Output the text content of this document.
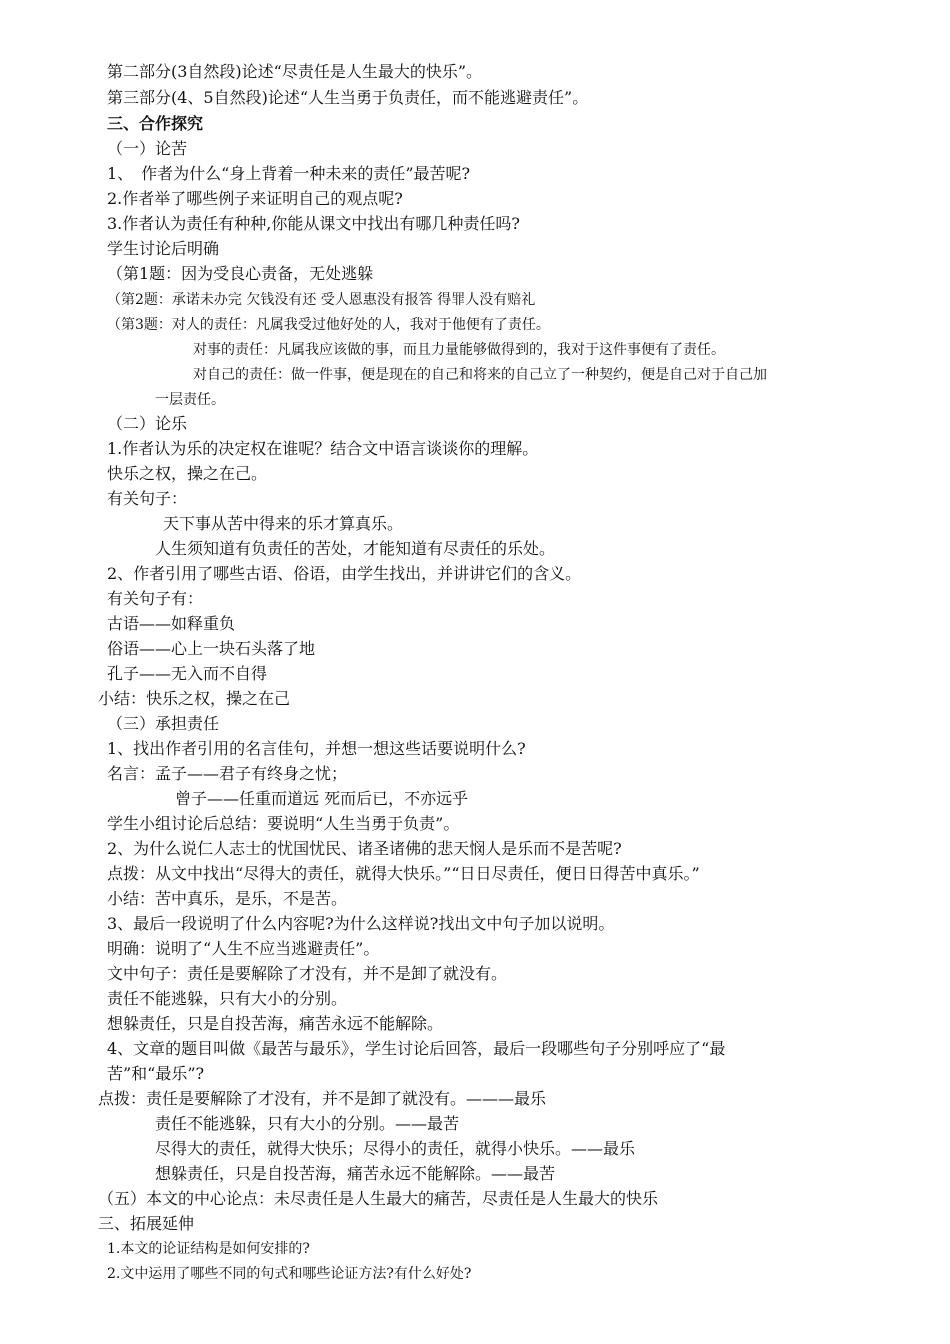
第二部分(3自然段)论述“尽责任是人生最大的快乐”。
第三部分(4、5自然段)论述“人生当勇于负责任，而不能逃避责任”。
三、合作探究
（一）论苦
1、　作者为什么“身上背着一种未来的责任”最苦呢?
2.作者举了哪些例子来证明自己的观点呢?
3.作者认为责任有种种,你能从课文中找出有哪几种责任吗?
学生讨论后明确
（第1题：因为受良心责备，无处逃躲
（第2题：承诺未办完 欠钱没有还 受人恩惠没有报答 得罪人没有赔礼
（第3题：对人的责任：凡属我受过他好处的人，我对于他便有了责任。
对事的责任：凡属我应该做的事，而且力量能够做得到的，我对于这件事便有了责任。
对自己的责任：做一件事，便是现在的自己和将来的自己立了一种契约，便是自己对于自己加
一层责任。
（二）论乐
1.作者认为乐的决定权在谁呢？结合文中语言谈谈你的理解。
快乐之权，操之在己。
有关句子：
天下事从苦中得来的乐才算真乐。
人生须知道有负责任的苦处，才能知道有尽责任的乐处。
2、作者引用了哪些古语、俗语，由学生找出，并讲讲它们的含义。
有关句子有：
古语——如释重负
俗语——心上一块石头落了地
孔子——无入而不自得
小结：快乐之权，操之在己
（三）承担责任
1、找出作者引用的名言佳句，并想一想这些话要说明什么?
名言：孟子——君子有终身之忧；
曾子——任重而道远 死而后已，不亦远乎
学生小组讨论后总结：要说明“人生当勇于负责”。
2、为什么说仁人志士的忧国忧民、诸圣诸佛的悲天悯人是乐而不是苦呢?
点拨：从文中找出“尽得大的责任，就得大快乐。”“日日尽责任，便日日得苦中真乐。”
小结：苦中真乐，是乐，不是苦。
3、最后一段说明了什么内容呢?为什么这样说?找出文中句子加以说明。
明确：说明了“人生不应当逃避责任”。
文中句子：责任是要解除了才没有，并不是卸了就没有。
责任不能逃躲，只有大小的分别。
想躲责任，只是自投苦海，痛苦永远不能解除。
4、文章的题目叫做《最苦与最乐》，学生讨论后回答，最后一段哪些句子分别呼应了“最
苦”和“最乐”?
点拨：责任是要解除了才没有，并不是卸了就没有。———最乐
责任不能逃躲，只有大小的分别。——最苦
尽得大的责任，就得大快乐；尽得小的责任，就得小快乐。——最乐
想躲责任，只是自投苦海，痛苦永远不能解除。——最苦
（五）本文的中心论点：未尽责任是人生最大的痛苦，尽责任是人生最大的快乐
三、拓展延伸
1.本文的论证结构是如何安排的?
2.文中运用了哪些不同的句式和哪些论证方法?有什么好处?
